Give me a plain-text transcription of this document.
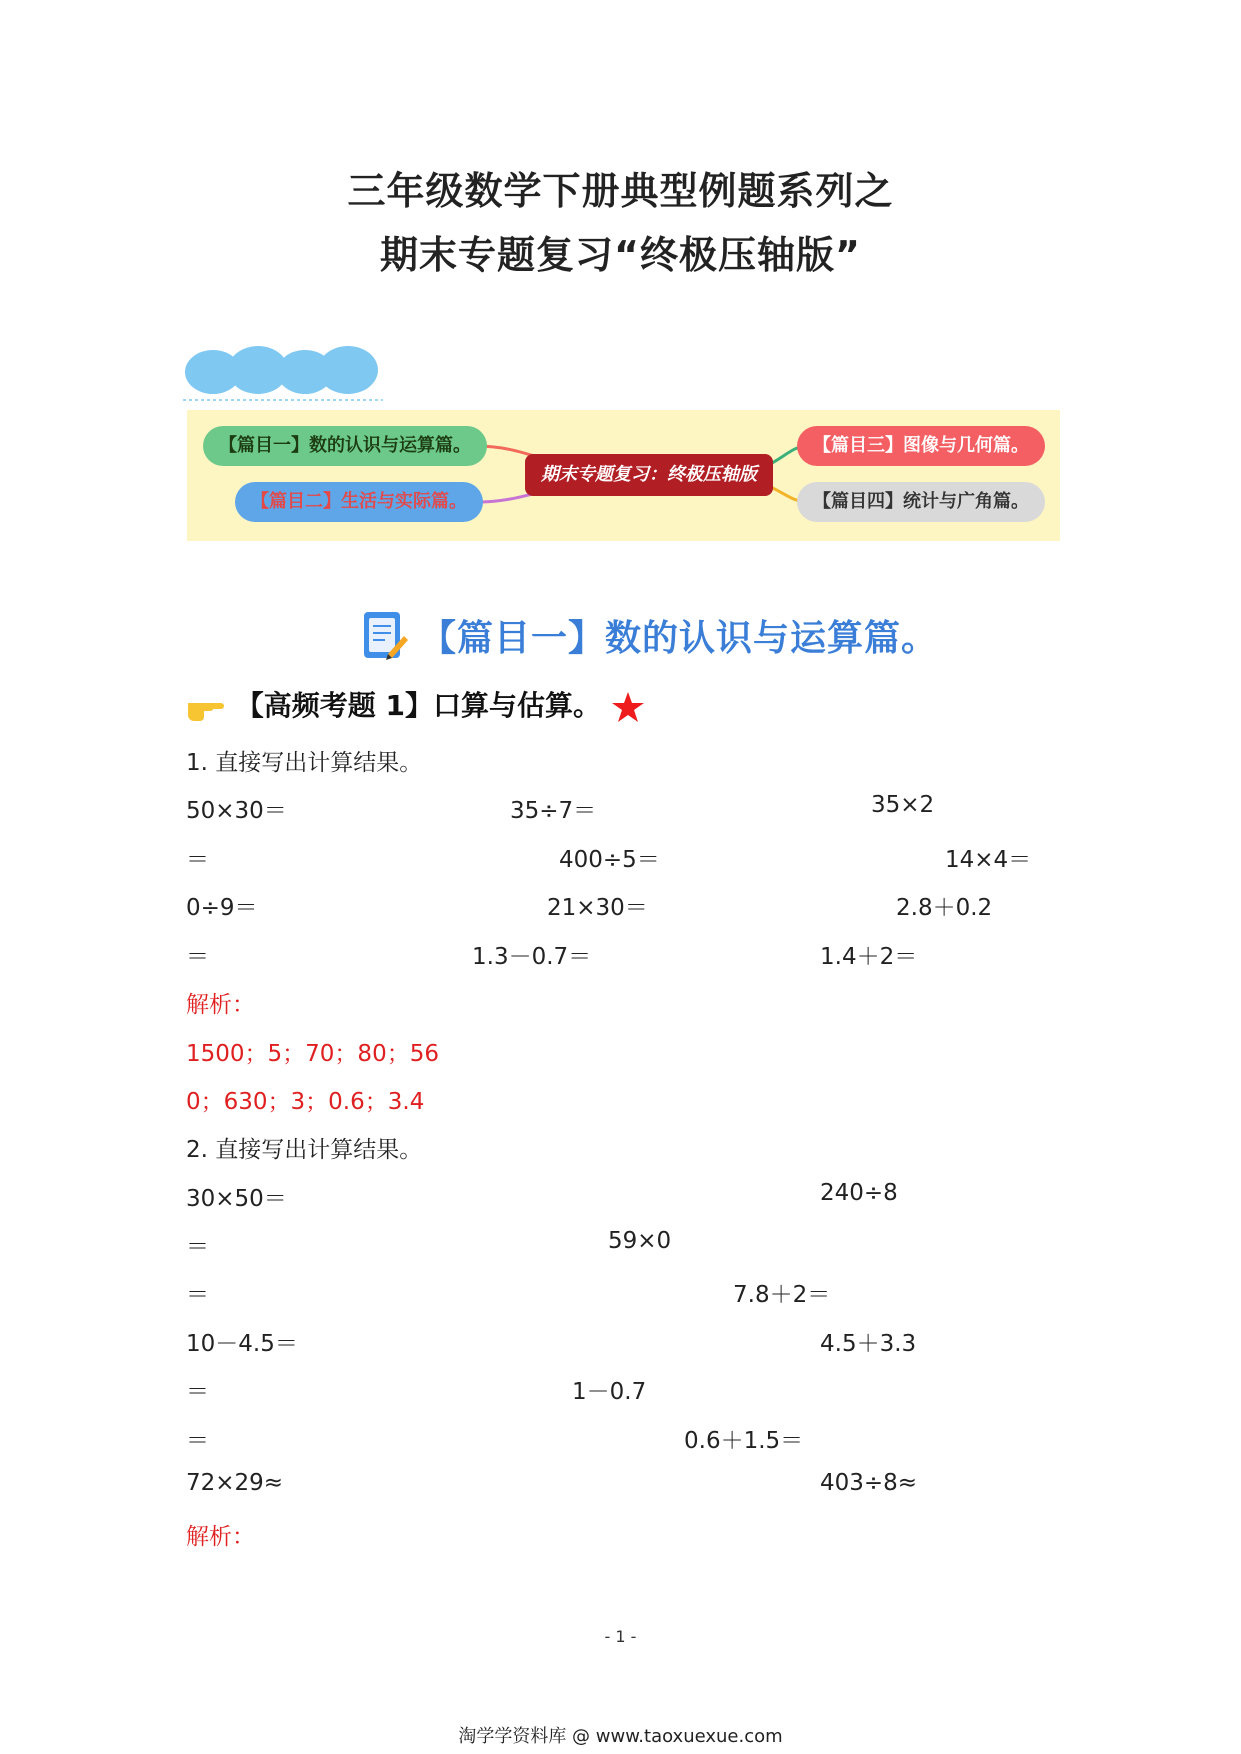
三年级数学下册典型例题系列之
期末专题复习“终极压轴版”
【篇目一】数的认识与运算篇。
【篇目二】生活与实际篇。
期末专题复习：终极压轴版
【篇目三】图像与几何篇。
【篇目四】统计与广角篇。
【篇目一】数的认识与运算篇。
【高频考题 1】口算与估算。
1. 直接写出计算结果。
50×30＝	35÷7＝	35×2
＝	400÷5＝	14×4＝
0÷9＝	21×30＝	2.8＋0.2
＝	1.3－0.7＝	1.4＋2＝
解析：
1500；5；70；80；56
0；630；3；0.6；3.4
2. 直接写出计算结果。
30×50＝	240÷8
＝	59×0
＝	7.8＋2＝
10－4.5＝	4.5＋3.3
＝	1－0.7
＝	0.6＋1.5＝
72×29≈	403÷8≈
解析：
- 1 -
淘学学资料库 @ www.taoxuexue.com
